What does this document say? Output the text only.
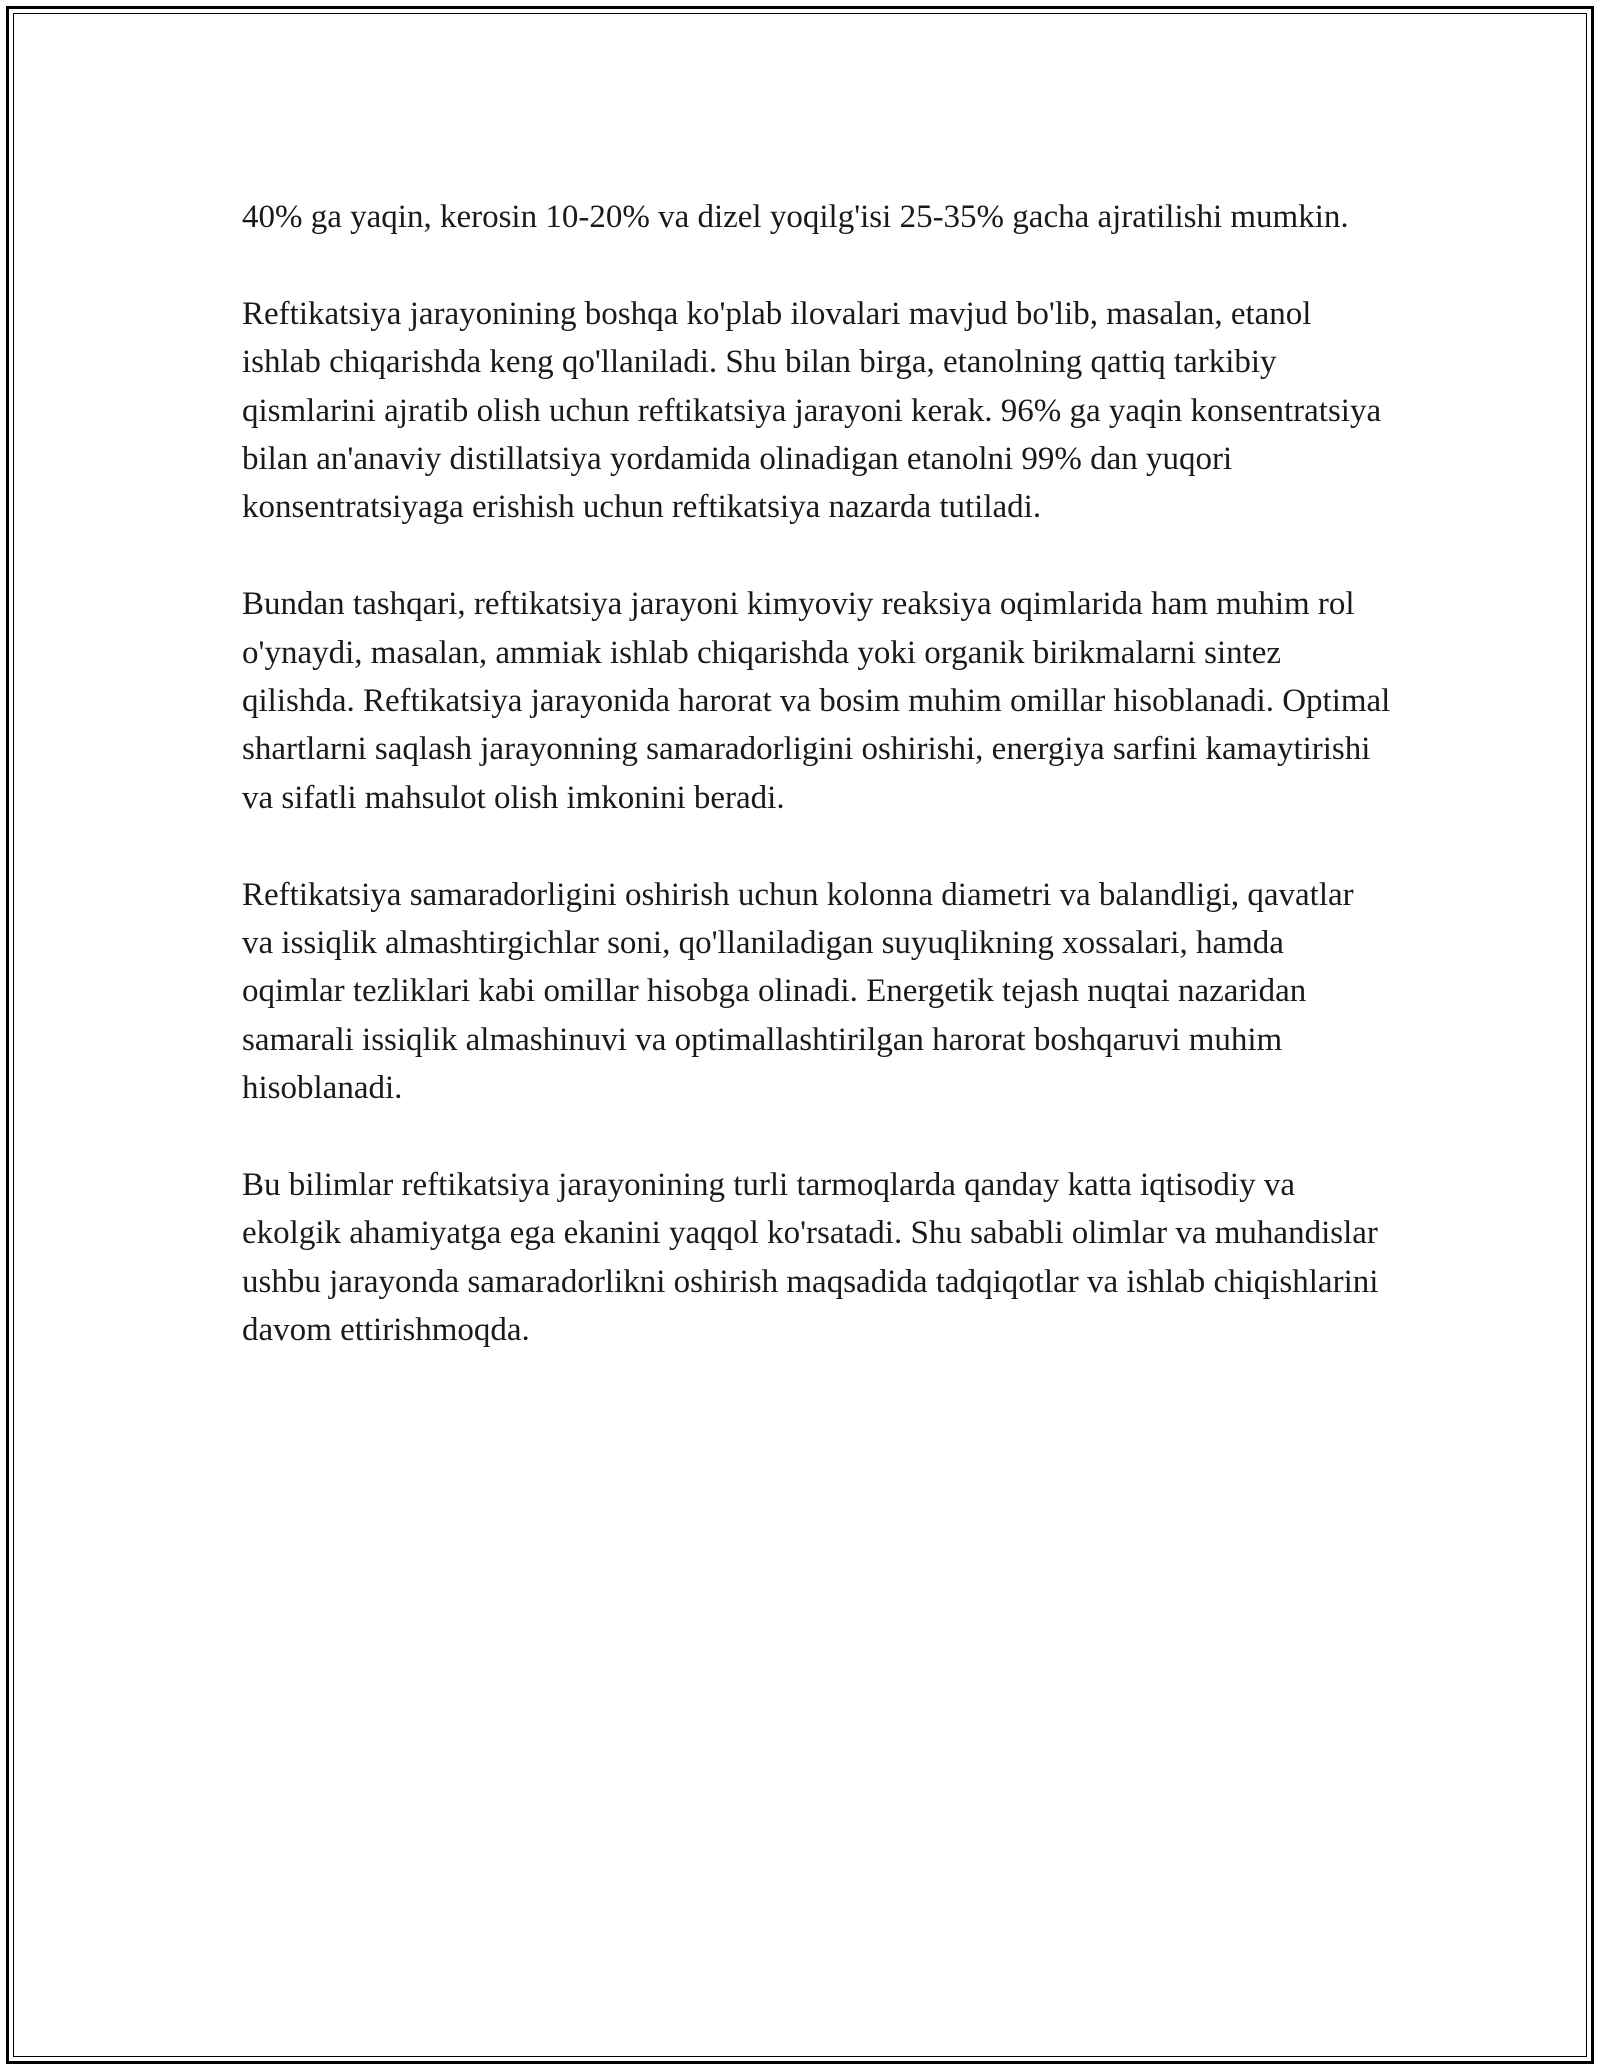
40% ga yaqin, kerosin 10-20% va dizel yoqilg'isi 25-35% gacha ajratilishi mumkin.

Reftikatsiya jarayonining boshqa ko'plab ilovalari mavjud bo'lib, masalan, etanol ishlab chiqarishda keng qo'llaniladi. Shu bilan birga, etanolning qattiq tarkibiy qismlarini ajratib olish uchun reftikatsiya jarayoni kerak. 96% ga yaqin konsentratsiya bilan an'anaviy distillatsiya yordamida olinadigan etanolni 99% dan yuqori konsentratsiyaga erishish uchun reftikatsiya nazarda tutiladi.

Bundan tashqari, reftikatsiya jarayoni kimyoviy reaksiya oqimlarida ham muhim rol o'ynaydi, masalan, ammiak ishlab chiqarishda yoki organik birikmalarni sintez qilishda. Reftikatsiya jarayonida harorat va bosim muhim omillar hisoblanadi. Optimal shartlarni saqlash jarayonning samaradorligini oshirishi, energiya sarfini kamaytirishi va sifatli mahsulot olish imkonini beradi.

Reftikatsiya samaradorligini oshirish uchun kolonna diametri va balandligi, qavatlar va issiqlik almashtirgichlar soni, qo'llaniladigan suyuqlikning xossalari, hamda oqimlar tezliklari kabi omillar hisobga olinadi. Energetik tejash nuqtai nazaridan samarali issiqlik almashinuvi va optimallashtirilgan harorat boshqaruvi muhim hisoblanadi.

Bu bilimlar reftikatsiya jarayonining turli tarmoqlarda qanday katta iqtisodiy va ekolgik ahamiyatga ega ekanini yaqqol ko'rsatadi. Shu sababli olimlar va muhandislar ushbu jarayonda samaradorlikni oshirish maqsadida tadqiqotlar va ishlab chiqishlarini davom ettirishmoqda.
